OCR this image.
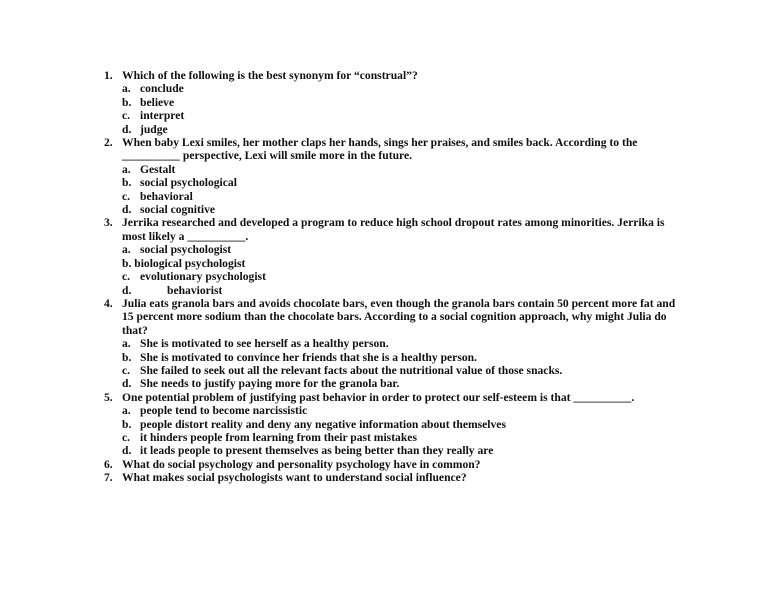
1. Which of the following is the best synonym for “construal”?
a. conclude
b. believe
c. interpret
d. judge
2. When baby Lexi smiles, her mother claps her hands, sings her praises, and smiles back. According to the
__________ perspective, Lexi will smile more in the future.
a. Gestalt
b. social psychological
c. behavioral
d. social cognitive
3. Jerrika researched and developed a program to reduce high school dropout rates among minorities. Jerrika is
most likely a __________.
a. social psychologist
b. biological psychologist
c. evolutionary psychologist
d.	behaviorist
4. Julia eats granola bars and avoids chocolate bars, even though the granola bars contain 50 percent more fat and
15 percent more sodium than the chocolate bars. According to a social cognition approach, why might Julia do
that?
a. She is motivated to see herself as a healthy person.
b. She is motivated to convince her friends that she is a healthy person.
c. She failed to seek out all the relevant facts about the nutritional value of those snacks.
d. She needs to justify paying more for the granola bar.
5. One potential problem of justifying past behavior in order to protect our self-esteem is that __________.
a. people tend to become narcissistic
b. people distort reality and deny any negative information about themselves
c. it hinders people from learning from their past mistakes
d. it leads people to present themselves as being better than they really are
6. What do social psychology and personality psychology have in common?
7. What makes social psychologists want to understand social influence?
